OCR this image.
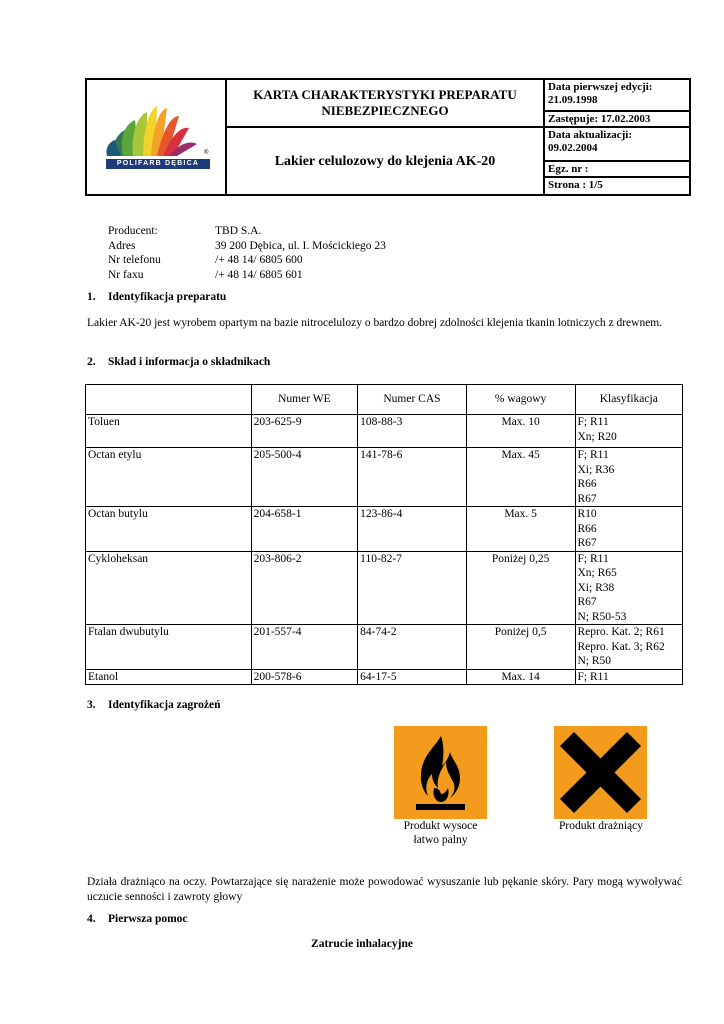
®
POLIFARB DĘBICA
KARTA CHARAKTERYSTYKI PREPARATU
NIEBEZPIECZNEGO
Lakier celulozowy do klejenia AK-20
Data pierwszej edycji:
21.09.1998
Zastępuje: 17.02.2003
Data aktualizacji:
09.02.2004
Egz. nr :
Strona : 1/5
Producent:	TBD S.A.
Adres	39 200 Dębica, ul. I. Mościckiego 23
Nr telefonu	/+ 48 14/ 6805 600
Nr faxu	/+ 48 14/ 6805 601
1. Identyfikacja preparatu
Lakier AK-20 jest wyrobem opartym na bazie nitrocelulozy o bardzo dobrej zdolności klejenia tkanin lotniczych z drewnem.
2. Skład i informacja o składnikach
	Numer WE	Numer CAS	% wagowy	Klasyfikacja
Toluen	203-625-9	108-88-3	Max. 10	F; R11
Xn; R20

Octan etylu	205-500-4	141-78-6	Max. 45	F; R11
Xi; R36
R66
R67

Octan butylu	204-658-1	123-86-4	Max. 5	R10
R66
R67

Cykloheksan	203-806-2	110-82-7	Poniżej 0,25	F; R11
Xn; R65
Xi; R38
R67
N; R50-53

Ftalan dwubutylu	201-557-4	84-74-2	Poniżej 0,5	Repro. Kat. 2; R61
Repro. Kat. 3; R62
N; R50

Etanol	200-578-6	64-17-5	Max. 14	F; R11
3. Identyfikacja zagrożeń
Produkt wysoce
łatwo palny
Produkt drażniący
Działa drażniąco na oczy. Powtarzające się narażenie może powodować wysuszanie lub pękanie skóry. Pary mogą wywoływać uczucie senności i zawroty głowy
4. Pierwsza pomoc
Zatrucie inhalacyjne
